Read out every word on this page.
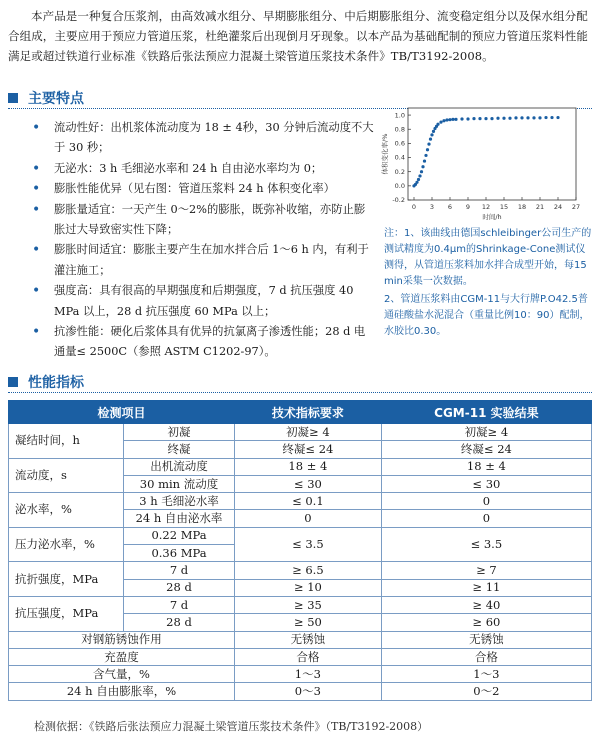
本产品是一种复合压浆剂，由高效减水组分、早期膨胀组分、中后期膨胀组分、流变稳定组分以及保水组分配合组成，主要应用于预应力管道压浆，杜绝灌浆后出现倒月牙现象。以本产品为基础配制的预应力管道压浆料性能满足或超过铁道行业标准《铁路后张法预应力混凝土梁管道压浆技术条件》TB/T3192-2008。
主要特点
• 流动性好：出机浆体流动度为 18 ± 4秒，30 分钟后流动度不大于 30 秒；
• 无泌水：3 h 毛细泌水率和 24 h 自由泌水率均为 0；
• 膨胀性能优异（见右图：管道压浆料 24 h 体积变化率）
• 膨胀量适宜：一天产生 0～2%的膨胀，既弥补收缩，亦防止膨胀过大导致密实性下降；
• 膨胀时间适宜：膨胀主要产生在加水拌合后 1～6 h 内，有利于灌注施工；
• 强度高：具有很高的早期强度和后期强度，7 d 抗压强度 40 MPa 以上，28 d 抗压强度 60 MPa 以上；
• 抗渗性能：硬化后浆体具有优异的抗氯离子渗透性能；28 d 电通量≤ 2500C（参照 ASTM C1202-97）。
0 3 6 9 12 15 18 21 24 27
-0.2
0.0
0.2
0.4
0.6
0.8
1.0
时间/h
体积变化率/%

注：1、该曲线由德国schleibinger公司生产的测试精度为0.4μm的Shrinkage-Cone测试仪测得，从管道压浆料加水拌合成型开始，每15 min采集一次数据。

2、管道压浆料由CGM-11与大行牌P.O42.5普通硅酸盐水泥混合（重量比例10：90）配制，水胶比0.30。

性能指标
检测项目		技术指标要求	CGM-11 实验结果
凝结时间，h	初凝	初凝≥ 4	初凝≥ 4
	终凝	终凝≤ 24	终凝≤ 24
流动度，s	出机流动度	18 ± 4	18 ± 4
	30 min 流动度	≤ 30	≤ 30
泌水率，%	3 h 毛细泌水率	≤ 0.1	0
	24 h 自由泌水率	0	0
压力泌水率，%	0.22 MPa	≤ 3.5	≤ 3.5
	0.36 MPa		
抗折强度，MPa	7 d	≥ 6.5	≥ 7
	28 d	≥ 10	≥ 11
抗压强度，MPa	7 d	≥ 35	≥ 40
	28 d	≥ 50	≥ 60
对钢筋锈蚀作用		无锈蚀	无锈蚀
充盈度		合格	合格
含气量，%		1～3	1～3
24 h 自由膨胀率，%		0～3	0～2
检测依据：《铁路后张法预应力混凝土梁管道压浆技术条件》（TB/T3192-2008）
